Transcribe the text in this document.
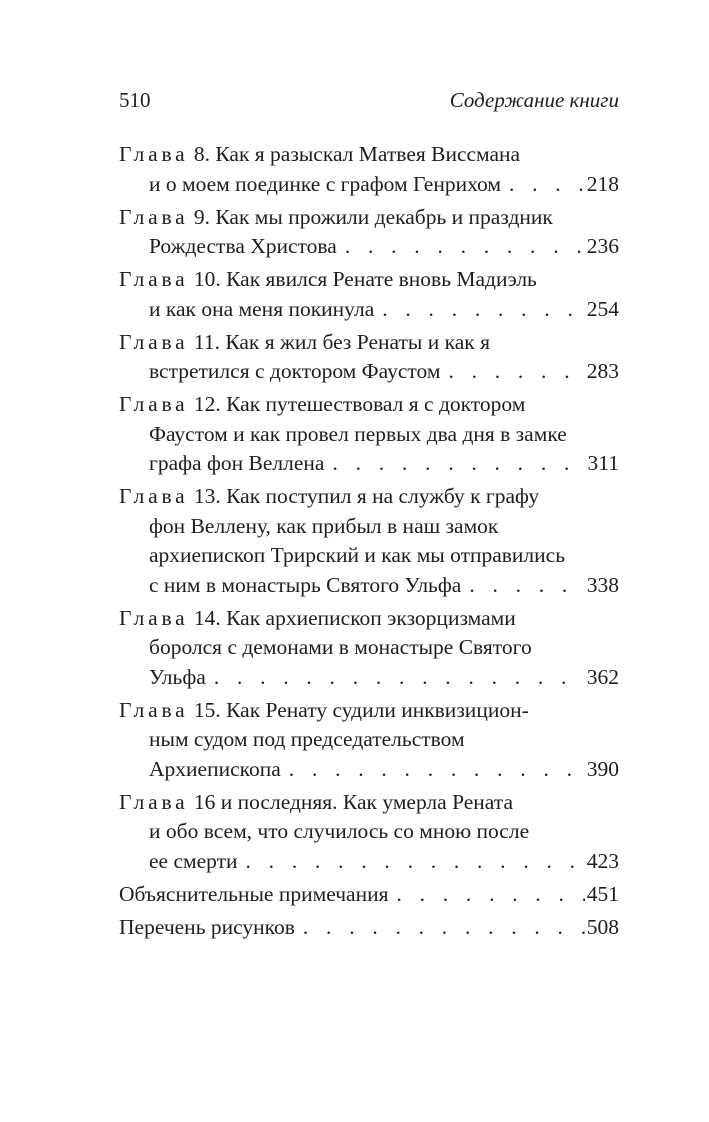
510	Содержание книги
Глава
8. Как я разыскал Матвея Виссмана
и о моем поединке с графом Генрихом . . .	218
Глава
9. Как мы прожили декабрь и праздник
Рождества Христова . . .	236
Глава
10. Как явился Ренате вновь Мадиэль
и как она меня покинула . . .	254
Глава
11. Как я жил без Ренаты и как я
встретился с доктором Фаустом . . .	283
Глава
12. Как путешествовал я с доктором
Фаустом и как провел первых два дня в замке
графа фон Веллена . . .	311
Глава
13. Как поступил я на службу к графу
фон Веллену, как прибыл в наш замок
архиепископ Трирский и как мы отправились
с ним в монастырь Святого Ульфа . . .	338
Глава
14. Как архиепископ экзорцизмами
боролся с демонами в монастыре Святого
Ульфа . . .	362
Глава
15. Как Ренату судили инквизицион-
ным судом под председательством
Архиепископа . . .	390
Глава
16 и последняя. Как умерла Рената
и обо всем, что случилось со мною после
ее смерти . . .	423
Объяснительные примечания . . .	451
Перечень рисунков . . .	508
